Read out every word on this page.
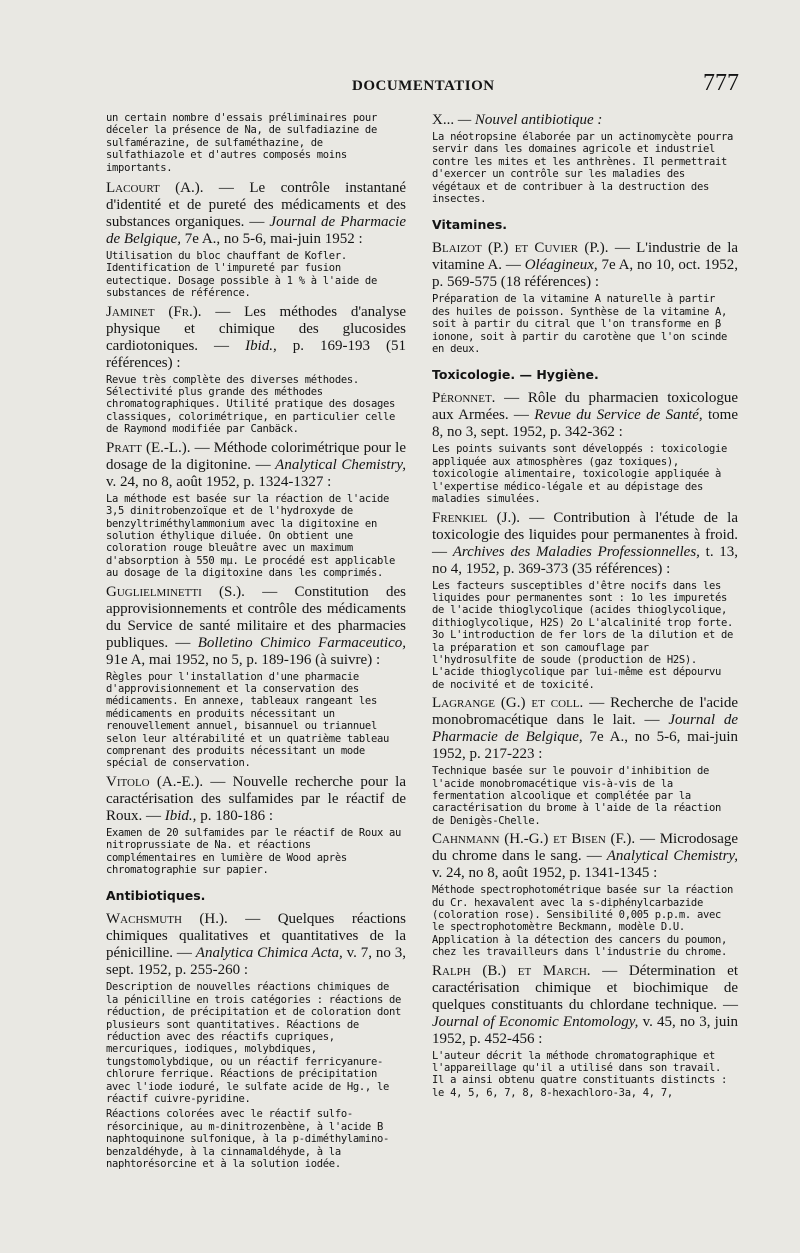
DOCUMENTATION	777
un certain nombre d'essais préliminaires pour déceler la présence de Na, de sulfadiazine de sulfamérazine, de sulfaméthazine, de sulfathiazole et d'autres composés moins importants.
Lacourt (A.). — Le contrôle instantané d'identité et de pureté des médicaments et des substances organiques. — Journal de Pharmacie de Belgique, 7e A., no 5-6, mai-juin 1952 :

Utilisation du bloc chauffant de Kofler. Identification de l'impureté par fusion eutectique. Dosage possible à 1 % à l'aide de substances de référence.

Jaminet (Fr.). — Les méthodes d'analyse physique et chimique des glucosides cardiotoniques. — Ibid., p. 169-193 (51 références) :

Revue très complète des diverses méthodes. Sélectivité plus grande des méthodes chromatographiques. Utilité pratique des dosages classiques, colorimétrique, en particulier celle de Raymond modifiée par Canbäck.

Pratt (E.-L.). — Méthode colorimétrique pour le dosage de la digitonine. — Analytical Chemistry, v. 24, no 8, août 1952, p. 1324-1327 :

La méthode est basée sur la réaction de l'acide 3,5 dinitrobenzoïque et de l'hydroxyde de benzyltriméthylammonium avec la digitoxine en solution éthylique diluée. On obtient une coloration rouge bleuâtre avec un maximum d'absorption à 550 mμ. Le procédé est applicable au dosage de la digitoxine dans les comprimés.

Guglielminetti (S.). — Constitution des approvisionnements et contrôle des médicaments du Service de santé militaire et des pharmacies publiques. — Bolletino Chimico Farmaceutico, 91e A, mai 1952, no 5, p. 189-196 (à suivre) :

Règles pour l'installation d'une pharmacie d'approvisionnement et la conservation des médicaments. En annexe, tableaux rangeant les médicaments en produits nécessitant un renouvellement annuel, bisannuel ou triannuel selon leur altérabilité et un quatrième tableau comprenant des produits nécessitant un mode spécial de conservation.

Vitolo (A.-E.). — Nouvelle recherche pour la caractérisation des sulfamides par le réactif de Roux. — Ibid., p. 180-186 :

Examen de 20 sulfamides par le réactif de Roux au nitroprussiate de Na. et réactions complémentaires en lumière de Wood après chromatographie sur papier.

Antibiotiques.
Wachsmuth (H.). — Quelques réactions chimiques qualitatives et quantitatives de la pénicilline. — Analytica Chimica Acta, v. 7, no 3, sept. 1952, p. 255-260 :

Description de nouvelles réactions chimiques de la pénicilline en trois catégories : réactions de réduction, de précipitation et de coloration dont plusieurs sont quantitatives. Réactions de réduction avec des réactifs cupriques, mercuriques, iodiques, molybdiques, tungstomolybdique, ou un réactif ferricyanure-chlorure ferrique. Réactions de précipitation avec l'iode ioduré, le sulfate acide de Hg., le réactif cuivre-pyridine.

Réactions colorées avec le réactif sulfo-résorcinique, au m-dinitrozenbène, à l'acide B naphtoquinone sulfonique, à la p-diméthylamino-benzaldéhyde, à la cinnamaldéhyde, à la naphtorésorcine et à la solution iodée.

X... — Nouvel antibiotique :

La néotropsine élaborée par un actinomycète pourra servir dans les domaines agricole et industriel contre les mites et les anthrènes. Il permettrait d'exercer un contrôle sur les maladies des végétaux et de contribuer à la destruction des insectes.

Vitamines.
Blaizot (P.) et Cuvier (P.). — L'industrie de la vitamine A. — Oléagineux, 7e A, no 10, oct. 1952, p. 569-575 (18 références) :

Préparation de la vitamine A naturelle à partir des huiles de poisson. Synthèse de la vitamine A, soit à partir du citral que l'on transforme en β ionone, soit à partir du carotène que l'on scinde en deux.

Toxicologie. — Hygiène.
Péronnet. — Rôle du pharmacien toxicologue aux Armées. — Revue du Service de Santé, tome 8, no 3, sept. 1952, p. 342-362 :

Les points suivants sont développés : toxicologie appliquée aux atmosphères (gaz toxiques), toxicologie alimentaire, toxicologie appliquée à l'expertise médico-légale et au dépistage des maladies simulées.

Frenkiel (J.). — Contribution à l'étude de la toxicologie des liquides pour permanentes à froid. — Archives des Maladies Professionnelles, t. 13, no 4, 1952, p. 369-373 (35 références) :

Les facteurs susceptibles d'être nocifs dans les liquides pour permanentes sont : 1o les impuretés de l'acide thioglycolique (acides thioglycolique, dithioglycolique, H2S) 2o L'alcalinité trop forte. 3o L'introduction de fer lors de la dilution et de la préparation et son camouflage par l'hydrosulfite de soude (production de H2S). L'acide thioglycolique par lui-même est dépourvu de nocivité et de toxicité.

Lagrange (G.) et coll. — Recherche de l'acide monobromacétique dans le lait. — Journal de Pharmacie de Belgique, 7e A., no 5-6, mai-juin 1952, p. 217-223 :

Technique basée sur le pouvoir d'inhibition de l'acide monobromacétique vis-à-vis de la fermentation alcoolique et complétée par la caractérisation du brome à l'aide de la réaction de Denigès-Chelle.

Cahnmann (H.-G.) et Bisen (F.). — Microdosage du chrome dans le sang. — Analytical Chemistry, v. 24, no 8, août 1952, p. 1341-1345 :

Méthode spectrophotométrique basée sur la réaction du Cr. hexavalent avec la s-diphénylcarbazide (coloration rose). Sensibilité 0,005 p.p.m. avec le spectrophotomètre Beckmann, modèle D.U. Application à la détection des cancers du poumon, chez les travailleurs dans l'industrie du chrome.

Ralph (B.) et March. — Détermination et caractérisation chimique et biochimique de quelques constituants du chlordane technique. — Journal of Economic Entomology, v. 45, no 3, juin 1952, p. 452-456 :

L'auteur décrit la méthode chromatographique et l'appareillage qu'il a utilisé dans son travail. Il a ainsi obtenu quatre constituants distincts : le 4, 5, 6, 7, 8, 8-hexachloro-3a, 4, 7,
